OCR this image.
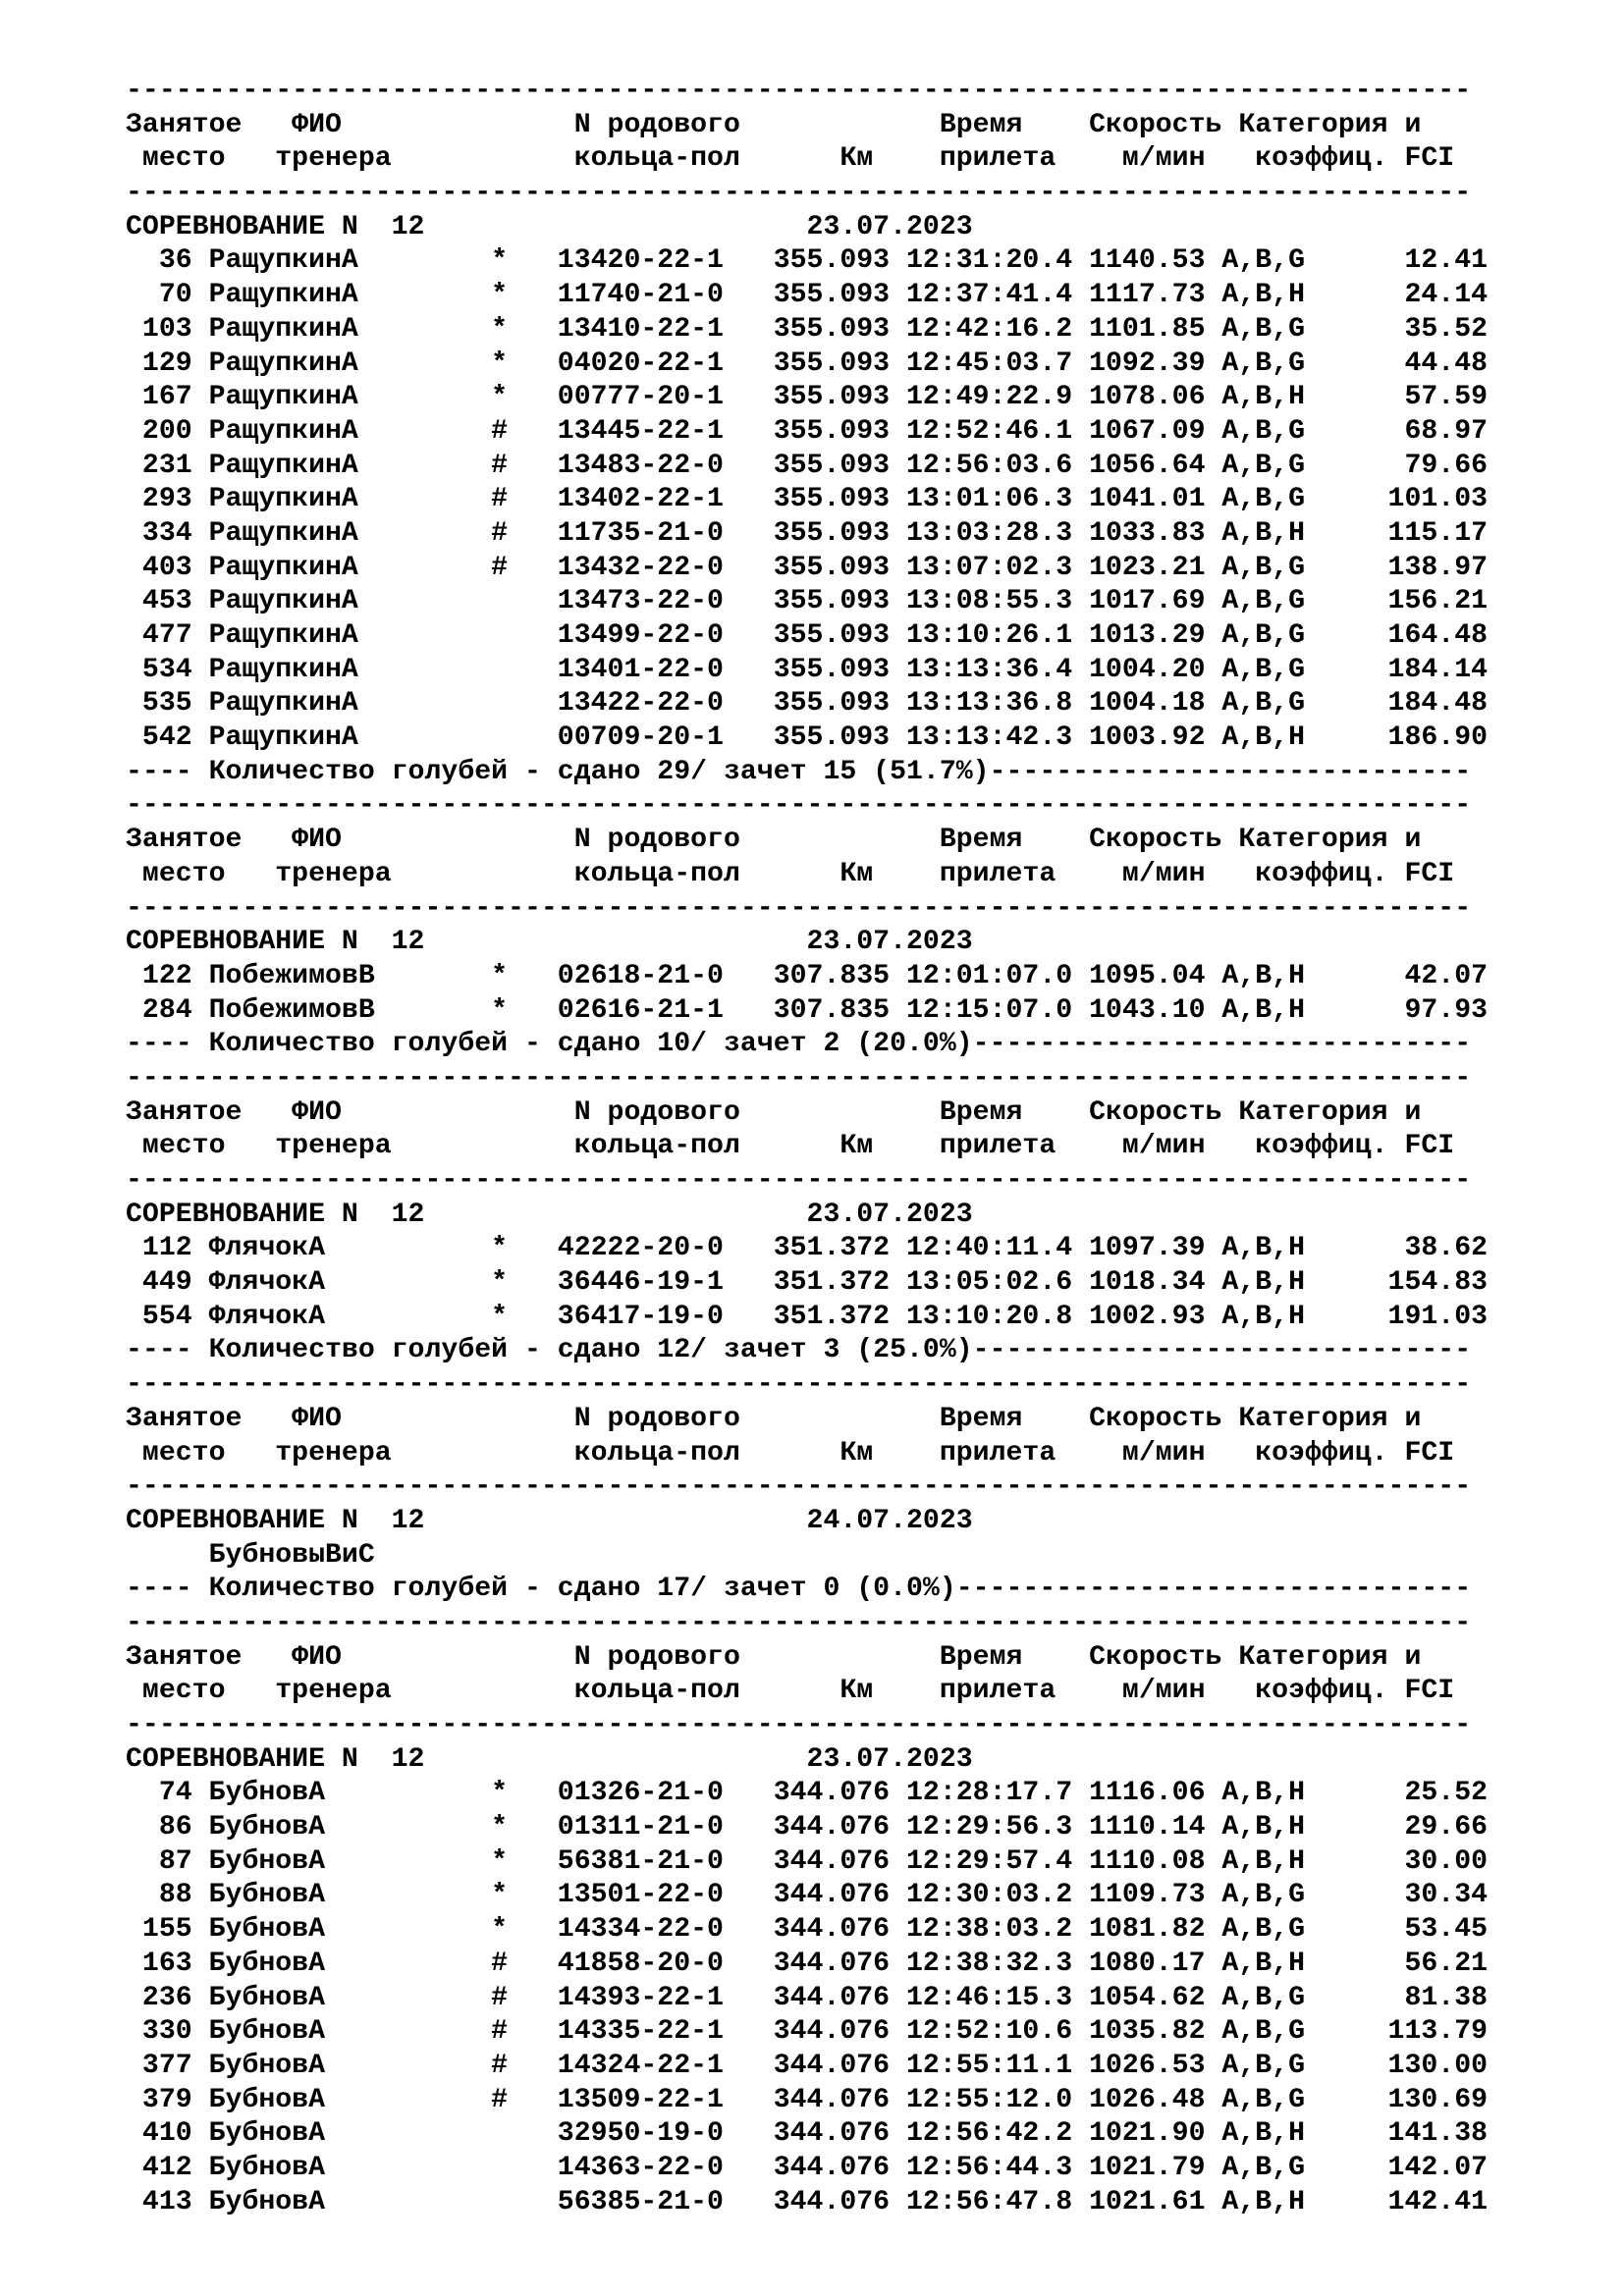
---------------------------------------------------------------------------------
Занятое   ФИО              N родового            Время    Скорость Категория и
место   тренера           кольца-пол      Км    прилета    м/мин   коэффиц. FCI
---------------------------------------------------------------------------------
СОРЕВНОВАНИЕ N  12                       23.07.2023
36 РащупкинА        *   13420-22-1   355.093 12:31:20.4 1140.53 A,B,G      12.41
70 РащупкинА        *   11740-21-0   355.093 12:37:41.4 1117.73 A,B,H      24.14
103 РащупкинА        *   13410-22-1   355.093 12:42:16.2 1101.85 A,B,G      35.52
129 РащупкинА        *   04020-22-1   355.093 12:45:03.7 1092.39 A,B,G      44.48
167 РащупкинА        *   00777-20-1   355.093 12:49:22.9 1078.06 A,B,H      57.59
200 РащупкинА        #   13445-22-1   355.093 12:52:46.1 1067.09 A,B,G      68.97
231 РащупкинА        #   13483-22-0   355.093 12:56:03.6 1056.64 A,B,G      79.66
293 РащупкинА        #   13402-22-1   355.093 13:01:06.3 1041.01 A,B,G     101.03
334 РащупкинА        #   11735-21-0   355.093 13:03:28.3 1033.83 A,B,H     115.17
403 РащупкинА        #   13432-22-0   355.093 13:07:02.3 1023.21 A,B,G     138.97
453 РащупкинА            13473-22-0   355.093 13:08:55.3 1017.69 A,B,G     156.21
477 РащупкинА            13499-22-0   355.093 13:10:26.1 1013.29 A,B,G     164.48
534 РащупкинА            13401-22-0   355.093 13:13:36.4 1004.20 A,B,G     184.14
535 РащупкинА            13422-22-0   355.093 13:13:36.8 1004.18 A,B,G     184.48
542 РащупкинА            00709-20-1   355.093 13:13:42.3 1003.92 A,B,H     186.90
---- Количество голубей - сдано 29/ зачет 15 (51.7%)-----------------------------
---------------------------------------------------------------------------------
Занятое   ФИО              N родового            Время    Скорость Категория и
место   тренера           кольца-пол      Км    прилета    м/мин   коэффиц. FCI
---------------------------------------------------------------------------------
СОРЕВНОВАНИЕ N  12                       23.07.2023
122 ПобежимовВ       *   02618-21-0   307.835 12:01:07.0 1095.04 A,B,H      42.07
284 ПобежимовВ       *   02616-21-1   307.835 12:15:07.0 1043.10 A,B,H      97.93
---- Количество голубей - сдано 10/ зачет 2 (20.0%)------------------------------
---------------------------------------------------------------------------------
Занятое   ФИО              N родового            Время    Скорость Категория и
место   тренера           кольца-пол      Км    прилета    м/мин   коэффиц. FCI
---------------------------------------------------------------------------------
СОРЕВНОВАНИЕ N  12                       23.07.2023
112 ФлячокА          *   42222-20-0   351.372 12:40:11.4 1097.39 A,B,H      38.62
449 ФлячокА          *   36446-19-1   351.372 13:05:02.6 1018.34 A,B,H     154.83
554 ФлячокА          *   36417-19-0   351.372 13:10:20.8 1002.93 A,B,H     191.03
---- Количество голубей - сдано 12/ зачет 3 (25.0%)------------------------------
---------------------------------------------------------------------------------
Занятое   ФИО              N родового            Время    Скорость Категория и
место   тренера           кольца-пол      Км    прилета    м/мин   коэффиц. FCI
---------------------------------------------------------------------------------
СОРЕВНОВАНИЕ N  12                       24.07.2023
БубновыВиС
---- Количество голубей - сдано 17/ зачет 0 (0.0%)-------------------------------
---------------------------------------------------------------------------------
Занятое   ФИО              N родового            Время    Скорость Категория и
место   тренера           кольца-пол      Км    прилета    м/мин   коэффиц. FCI
---------------------------------------------------------------------------------
СОРЕВНОВАНИЕ N  12                       23.07.2023
74 БубновА          *   01326-21-0   344.076 12:28:17.7 1116.06 A,B,H      25.52
86 БубновА          *   01311-21-0   344.076 12:29:56.3 1110.14 A,B,H      29.66
87 БубновА          *   56381-21-0   344.076 12:29:57.4 1110.08 A,B,H      30.00
88 БубновА          *   13501-22-0   344.076 12:30:03.2 1109.73 A,B,G      30.34
155 БубновА          *   14334-22-0   344.076 12:38:03.2 1081.82 A,B,G      53.45
163 БубновА          #   41858-20-0   344.076 12:38:32.3 1080.17 A,B,H      56.21
236 БубновА          #   14393-22-1   344.076 12:46:15.3 1054.62 A,B,G      81.38
330 БубновА          #   14335-22-1   344.076 12:52:10.6 1035.82 A,B,G     113.79
377 БубновА          #   14324-22-1   344.076 12:55:11.1 1026.53 A,B,G     130.00
379 БубновА          #   13509-22-1   344.076 12:55:12.0 1026.48 A,B,G     130.69
410 БубновА              32950-19-0   344.076 12:56:42.2 1021.90 A,B,H     141.38
412 БубновА              14363-22-0   344.076 12:56:44.3 1021.79 A,B,G     142.07
413 БубновА              56385-21-0   344.076 12:56:47.8 1021.61 A,B,H     142.41
